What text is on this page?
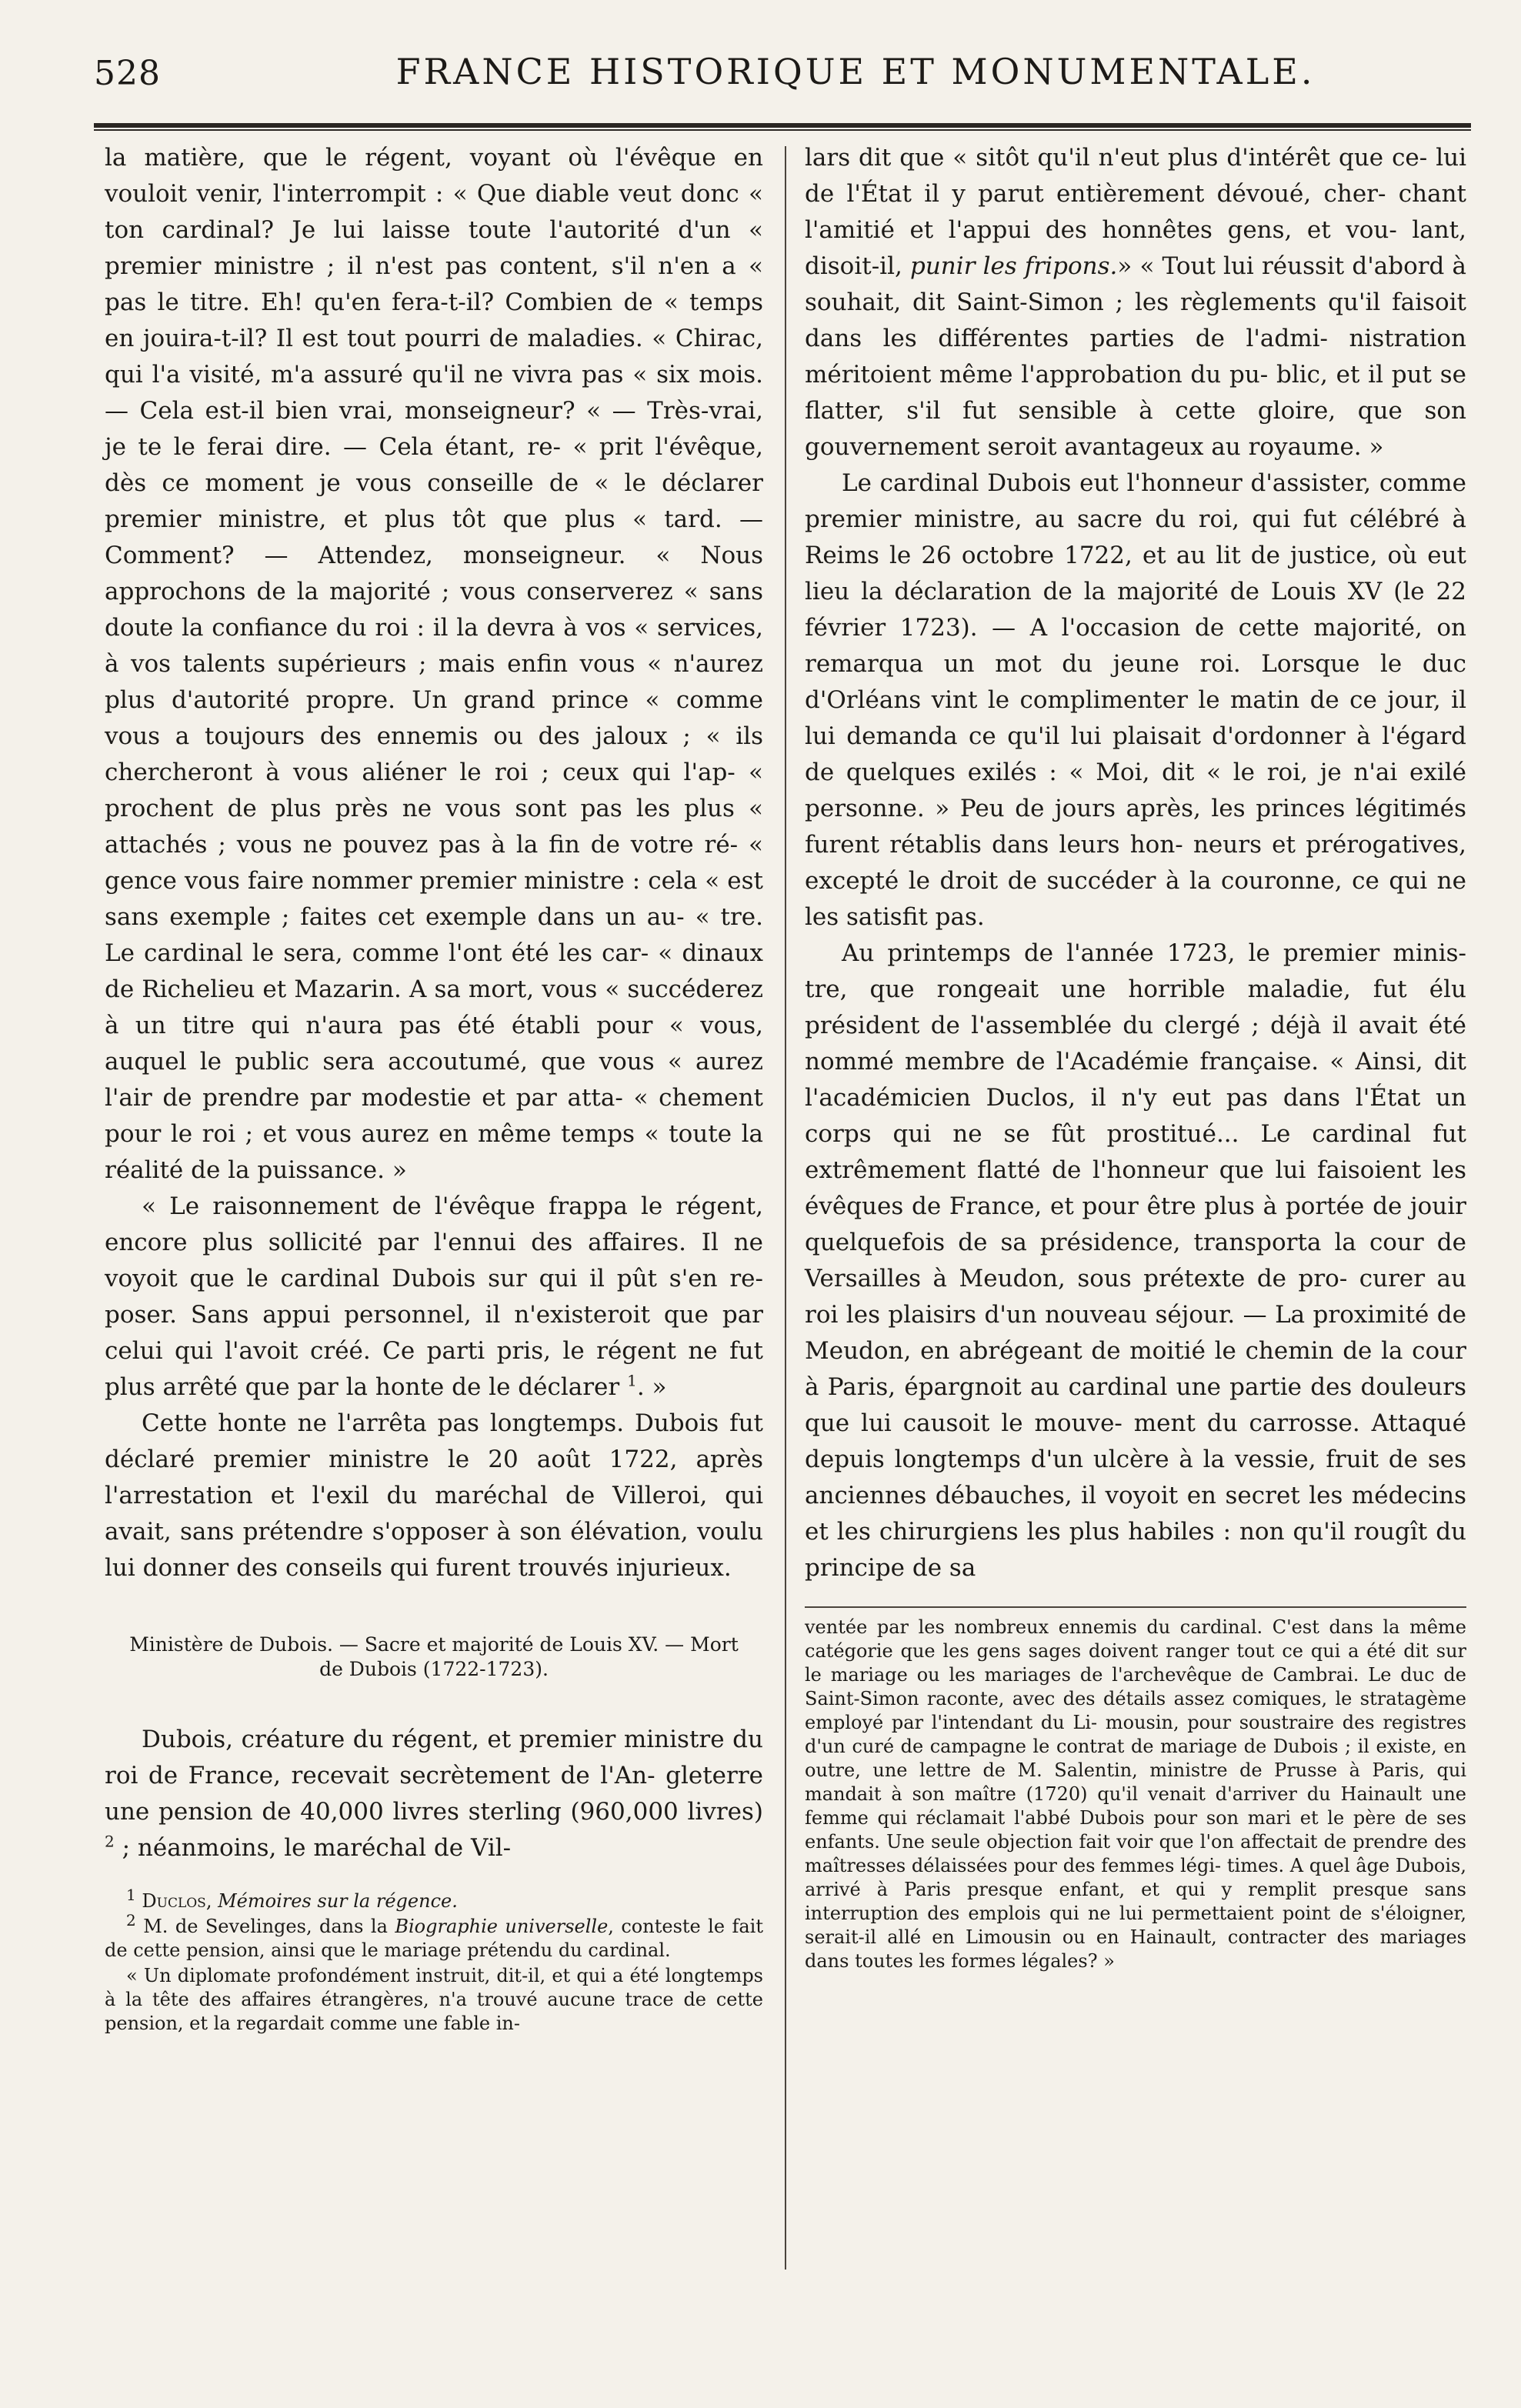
528	FRANCE HISTORIQUE ET MONUMENTALE.

la matière, que le régent, voyant où l'évêque en vouloit venir, l'interrompit : « Que diable veut donc « ton cardinal? Je lui laisse toute l'autorité d'un « premier ministre ; il n'est pas content, s'il n'en a « pas le titre. Eh! qu'en fera-t-il? Combien de « temps en jouira-t-il? Il est tout pourri de maladies. « Chirac, qui l'a visité, m'a assuré qu'il ne vivra pas « six mois. — Cela est-il bien vrai, monseigneur? « — Très-vrai, je te le ferai dire. — Cela étant, re- « prit l'évêque, dès ce moment je vous conseille de « le déclarer premier ministre, et plus tôt que plus « tard. — Comment? — Attendez, monseigneur. « Nous approchons de la majorité ; vous conserverez « sans doute la confiance du roi : il la devra à vos « services, à vos talents supérieurs ; mais enfin vous « n'aurez plus d'autorité propre. Un grand prince « comme vous a toujours des ennemis ou des jaloux ; « ils chercheront à vous aliéner le roi ; ceux qui l'ap- « prochent de plus près ne vous sont pas les plus « attachés ; vous ne pouvez pas à la fin de votre ré- « gence vous faire nommer premier ministre : cela « est sans exemple ; faites cet exemple dans un au- « tre. Le cardinal le sera, comme l'ont été les car- « dinaux de Richelieu et Mazarin. A sa mort, vous « succéderez à un titre qui n'aura pas été établi pour « vous, auquel le public sera accoutumé, que vous « aurez l'air de prendre par modestie et par atta- « chement pour le roi ; et vous aurez en même temps « toute la réalité de la puissance. »

« Le raisonnement de l'évêque frappa le régent, encore plus sollicité par l'ennui des affaires. Il ne voyoit que le cardinal Dubois sur qui il pût s'en re- poser. Sans appui personnel, il n'existeroit que par celui qui l'avoit créé. Ce parti pris, le régent ne fut plus arrêté que par la honte de le déclarer $^1$. »

Cette honte ne l'arrêta pas longtemps. Dubois fut déclaré premier ministre le 20 août 1722, après l'arrestation et l'exil du maréchal de Villeroi, qui avait, sans prétendre s'opposer à son élévation, voulu lui donner des conseils qui furent trouvés injurieux.

Ministère de Dubois. — Sacre et majorité de Louis XV. — Mort de Dubois (1722-1723).

Dubois, créature du régent, et premier ministre du roi de France, recevait secrètement de l'An- gleterre une pension de 40,000 livres sterling (960,000 livres) $^2$ ; néanmoins, le maréchal de Vil-

$^1$ Duclos, Mémoires sur la régence.

$^2$ M. de Sevelinges, dans la Biographie universelle, conteste le fait de cette pension, ainsi que le mariage prétendu du cardinal.

« Un diplomate profondément instruit, dit-il, et qui a été longtemps à la tête des affaires étrangères, n'a trouvé aucune trace de cette pension, et la regardait comme une fable in-

lars dit que « sitôt qu'il n'eut plus d'intérêt que ce- lui de l'État il y parut entièrement dévoué, cher- chant l'amitié et l'appui des honnêtes gens, et vou- lant, disoit-il, punir les fripons.» « Tout lui réussit d'abord à souhait, dit Saint-Simon ; les règlements qu'il faisoit dans les différentes parties de l'admi- nistration méritoient même l'approbation du pu- blic, et il put se flatter, s'il fut sensible à cette gloire, que son gouvernement seroit avantageux au royaume. »

Le cardinal Dubois eut l'honneur d'assister, comme premier ministre, au sacre du roi, qui fut célébré à Reims le 26 octobre 1722, et au lit de justice, où eut lieu la déclaration de la majorité de Louis XV (le 22 février 1723). — A l'occasion de cette majorité, on remarqua un mot du jeune roi. Lorsque le duc d'Orléans vint le complimenter le matin de ce jour, il lui demanda ce qu'il lui plaisait d'ordonner à l'égard de quelques exilés : « Moi, dit « le roi, je n'ai exilé personne. » Peu de jours après, les princes légitimés furent rétablis dans leurs hon- neurs et prérogatives, excepté le droit de succéder à la couronne, ce qui ne les satisfit pas.

Au printemps de l'année 1723, le premier minis- tre, que rongeait une horrible maladie, fut élu président de l'assemblée du clergé ; déjà il avait été nommé membre de l'Académie française. « Ainsi, dit l'académicien Duclos, il n'y eut pas dans l'État un corps qui ne se fût prostitué... Le cardinal fut extrêmement flatté de l'honneur que lui faisoient les évêques de France, et pour être plus à portée de jouir quelquefois de sa présidence, transporta la cour de Versailles à Meudon, sous prétexte de pro- curer au roi les plaisirs d'un nouveau séjour. — La proximité de Meudon, en abrégeant de moitié le chemin de la cour à Paris, épargnoit au cardinal une partie des douleurs que lui causoit le mouve- ment du carrosse. Attaqué depuis longtemps d'un ulcère à la vessie, fruit de ses anciennes débauches, il voyoit en secret les médecins et les chirurgiens les plus habiles : non qu'il rougît du principe de sa

ventée par les nombreux ennemis du cardinal. C'est dans la même catégorie que les gens sages doivent ranger tout ce qui a été dit sur le mariage ou les mariages de l'archevêque de Cambrai. Le duc de Saint-Simon raconte, avec des détails assez comiques, le stratagème employé par l'intendant du Li- mousin, pour soustraire des registres d'un curé de campagne le contrat de mariage de Dubois ; il existe, en outre, une lettre de M. Salentin, ministre de Prusse à Paris, qui mandait à son maître (1720) qu'il venait d'arriver du Hainault une femme qui réclamait l'abbé Dubois pour son mari et le père de ses enfants. Une seule objection fait voir que l'on affectait de prendre des maîtresses délaissées pour des femmes légi- times. A quel âge Dubois, arrivé à Paris presque enfant, et qui y remplit presque sans interruption des emplois qui ne lui permettaient point de s'éloigner, serait-il allé en Limousin ou en Hainault, contracter des mariages dans toutes les formes légales? »
